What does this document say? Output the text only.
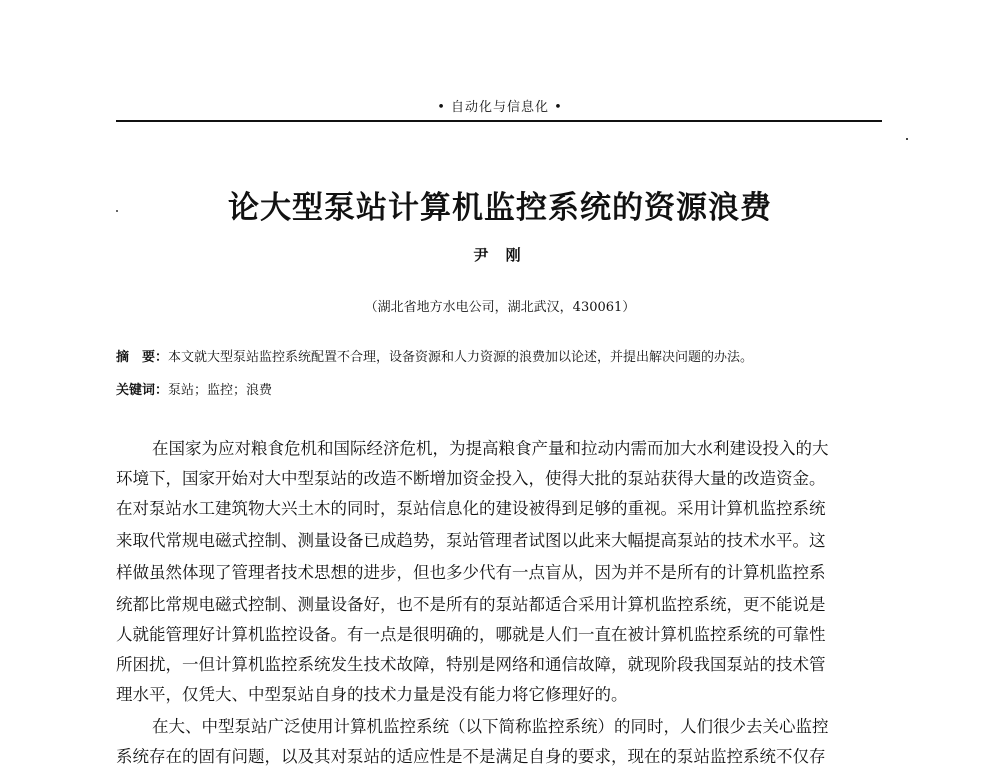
• 自动化与信息化 •
论大型泵站计算机监控系统的资源浪费
尹 刚
（湖北省地方水电公司，湖北武汉，430061）
摘　要：本文就大型泵站监控系统配置不合理，设备资源和人力资源的浪费加以论述，并提出解决问题的办法。
关键词：泵站；监控；浪费
在国家为应对粮食危机和国际经济危机，为提高粮食产量和拉动内需而加大水利建设投入的大
环境下，国家开始对大中型泵站的改造不断增加资金投入，使得大批的泵站获得大量的改造资金。
在对泵站水工建筑物大兴土木的同时，泵站信息化的建设被得到足够的重视。采用计算机监控系统
来取代常规电磁式控制、测量设备已成趋势，泵站管理者试图以此来大幅提高泵站的技术水平。这
样做虽然体现了管理者技术思想的进步，但也多少代有一点盲从，因为并不是所有的计算机监控系
统都比常规电磁式控制、测量设备好，也不是所有的泵站都适合采用计算机监控系统，更不能说是
人就能管理好计算机监控设备。有一点是很明确的，哪就是人们一直在被计算机监控系统的可靠性
所困扰，一但计算机监控系统发生技术故障，特别是网络和通信故障，就现阶段我国泵站的技术管
理水平，仅凭大、中型泵站自身的技术力量是没有能力将它修理好的。
在大、中型泵站广泛使用计算机监控系统（以下简称监控系统）的同时，人们很少去关心监控
系统存在的固有问题，以及其对泵站的适应性是不是满足自身的要求，现在的泵站监控系统不仅存
